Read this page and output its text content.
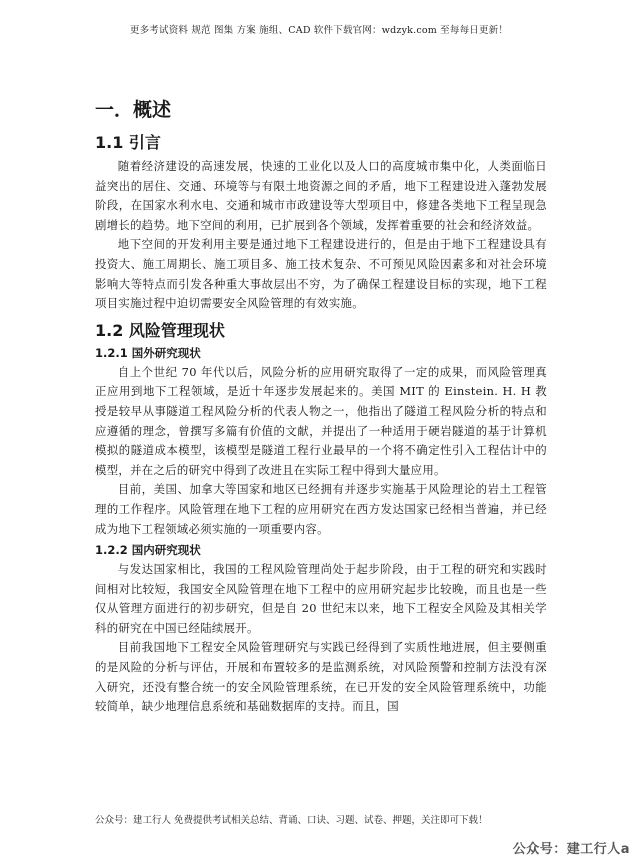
更多考试资料 规范 图集 方案 施组、CAD 软件下载官网：wdzyk.com 至每每日更新！
一．概述
1.1 引言

随着经济建设的高速发展，快速的工业化以及人口的高度城市集中化，人类面临日益突出的居住、交通、环境等与有限土地资源之间的矛盾，地下工程建设进入蓬勃发展阶段，在国家水利水电、交通和城市市政建设等大型项目中，修建各类地下工程呈现急剧增长的趋势。地下空间的利用，已扩展到各个领域，发挥着重要的社会和经济效益。

地下空间的开发利用主要是通过地下工程建设进行的，但是由于地下工程建设具有投资大、施工周期长、施工项目多、施工技术复杂、不可预见风险因素多和对社会环境影响大等特点而引发各种重大事故层出不穷，为了确保工程建设目标的实现，地下工程项目实施过程中迫切需要安全风险管理的有效实施。

1.2 风险管理现状
1.2.1 国外研究现状

自上个世纪 70 年代以后，风险分析的应用研究取得了一定的成果，而风险管理真正应用到地下工程领域，是近十年逐步发展起来的。美国 MIT 的 Einstein. H. H 教授是较早从事隧道工程风险分析的代表人物之一，他指出了隧道工程风险分析的特点和应遵循的理念，曾撰写多篇有价值的文献，并提出了一种适用于硬岩隧道的基于计算机模拟的隧道成本模型，该模型是隧道工程行业最早的一个将不确定性引入工程估计中的模型，并在之后的研究中得到了改进且在实际工程中得到大量应用。

目前，美国、加拿大等国家和地区已经拥有并逐步实施基于风险理论的岩土工程管理的工作程序。风险管理在地下工程的应用研究在西方发达国家已经相当普遍，并已经成为地下工程领域必须实施的一项重要内容。

1.2.2 国内研究现状

与发达国家相比，我国的工程风险管理尚处于起步阶段，由于工程的研究和实践时间相对比较短，我国安全风险管理在地下工程中的应用研究起步比较晚，而且也是一些仅从管理方面进行的初步研究，但是自 20 世纪末以来，地下工程安全风险及其相关学科的研究在中国已经陆续展开。

目前我国地下工程安全风险管理研究与实践已经得到了实质性地进展，但主要侧重的是风险的分析与评估，开展和布置较多的是监测系统，对风险预警和控制方法没有深入研究，还没有整合统一的安全风险管理系统，在已开发的安全风险管理系统中，功能较简单，缺少地理信息系统和基础数据库的支持。而且，国

公众号：建工行人 免费提供考试相关总结、背诵、口诀、习题、试卷、押题，关注即可下载！
公众号：建工行人a
